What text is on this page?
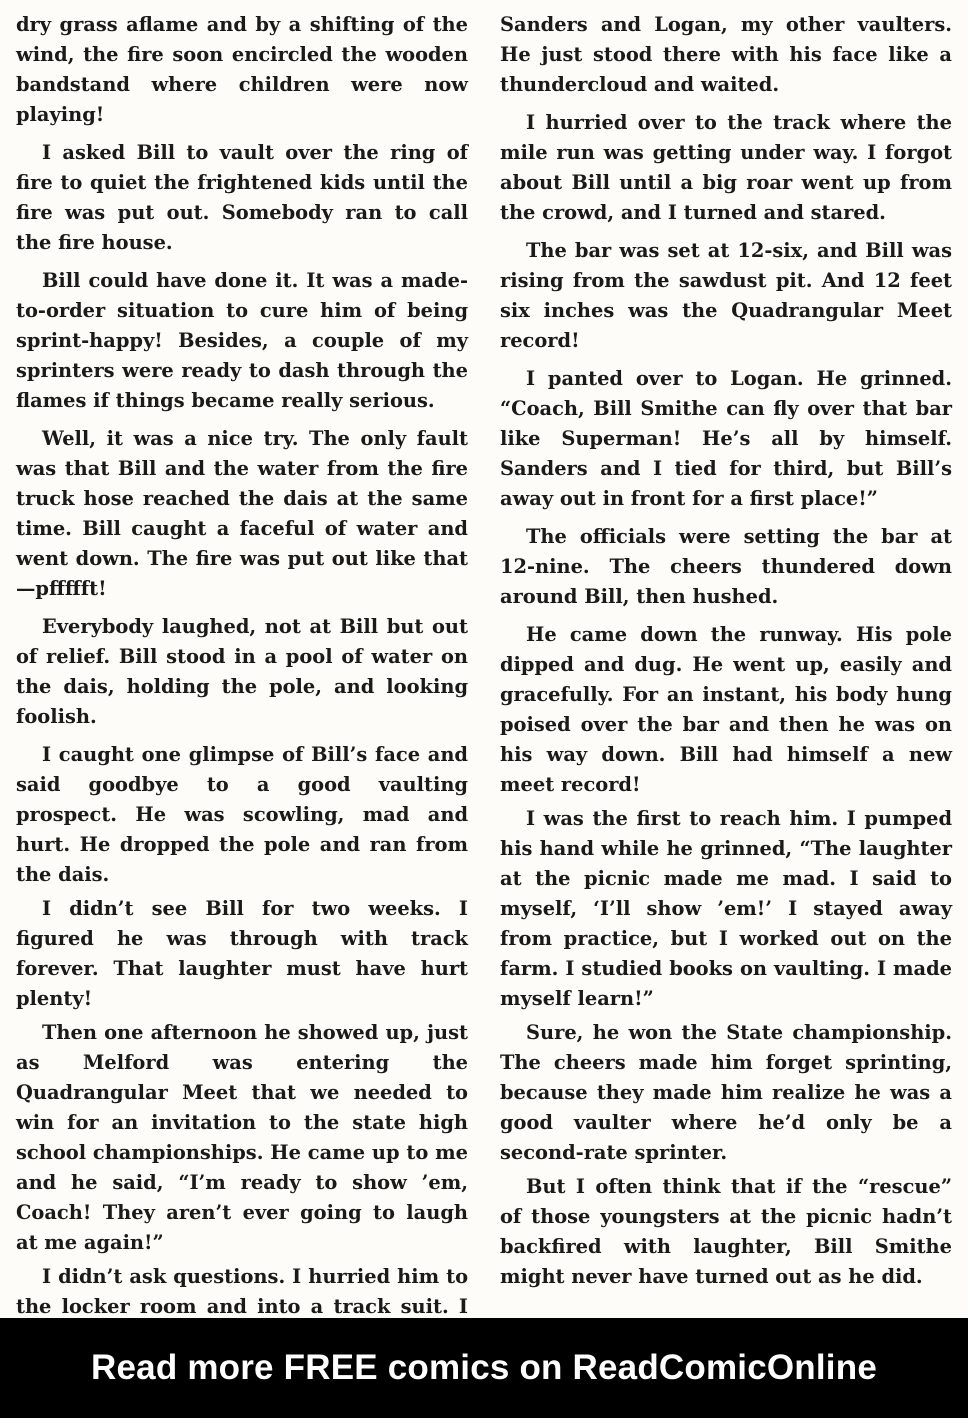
dry grass aflame and by a shifting of the wind, the fire soon encircled the wooden bandstand where children were now playing!

I asked Bill to vault over the ring of fire to quiet the frightened kids until the fire was put out. Somebody ran to call the fire house.

Bill could have done it. It was a made-to-order situation to cure him of being sprint-happy! Besides, a couple of my sprinters were ready to dash through the flames if things became really serious.

Well, it was a nice try. The only fault was that Bill and the water from the fire truck hose reached the dais at the same time. Bill caught a faceful of water and went down. The fire was put out like that —pffffft!

Everybody laughed, not at Bill but out of relief. Bill stood in a pool of water on the dais, holding the pole, and looking foolish.

I caught one glimpse of Bill’s face and said goodbye to a good vaulting prospect. He was scowling, mad and hurt. He dropped the pole and ran from the dais.

I didn’t see Bill for two weeks. I figured he was through with track forever. That laughter must have hurt plenty!

Then one afternoon he showed up, just as Melford was entering the Quadrangular Meet that we needed to win for an invitation to the state high school championships. He came up to me and he said, “I’m ready to show ’em, Coach! They aren’t ever going to laugh at me again!”

I didn’t ask questions. I hurried him to the locker room and into a track suit. I

Sanders and Logan, my other vaulters. He just stood there with his face like a thundercloud and waited.

I hurried over to the track where the mile run was getting under way. I forgot about Bill until a big roar went up from the crowd, and I turned and stared.

The bar was set at 12-six, and Bill was rising from the sawdust pit. And 12 feet six inches was the Quadrangular Meet record!

I panted over to Logan. He grinned. “Coach, Bill Smithe can fly over that bar like Superman! He’s all by himself. Sanders and I tied for third, but Bill’s away out in front for a first place!”

The officials were setting the bar at 12-nine. The cheers thundered down around Bill, then hushed.

He came down the runway. His pole dipped and dug. He went up, easily and gracefully. For an instant, his body hung poised over the bar and then he was on his way down. Bill had himself a new meet record!

I was the first to reach him. I pumped his hand while he grinned, “The laughter at the picnic made me mad. I said to myself, ‘I’ll show ’em!’ I stayed away from practice, but I worked out on the farm. I studied books on vaulting. I made myself learn!”

Sure, he won the State championship. The cheers made him forget sprinting, because they made him realize he was a good vaulter where he’d only be a second-rate sprinter.

But I often think that if the “rescue” of those youngsters at the picnic hadn’t backfired with laughter, Bill Smithe might never have turned out as he did.

Read more FREE comics on ReadComicOnline
